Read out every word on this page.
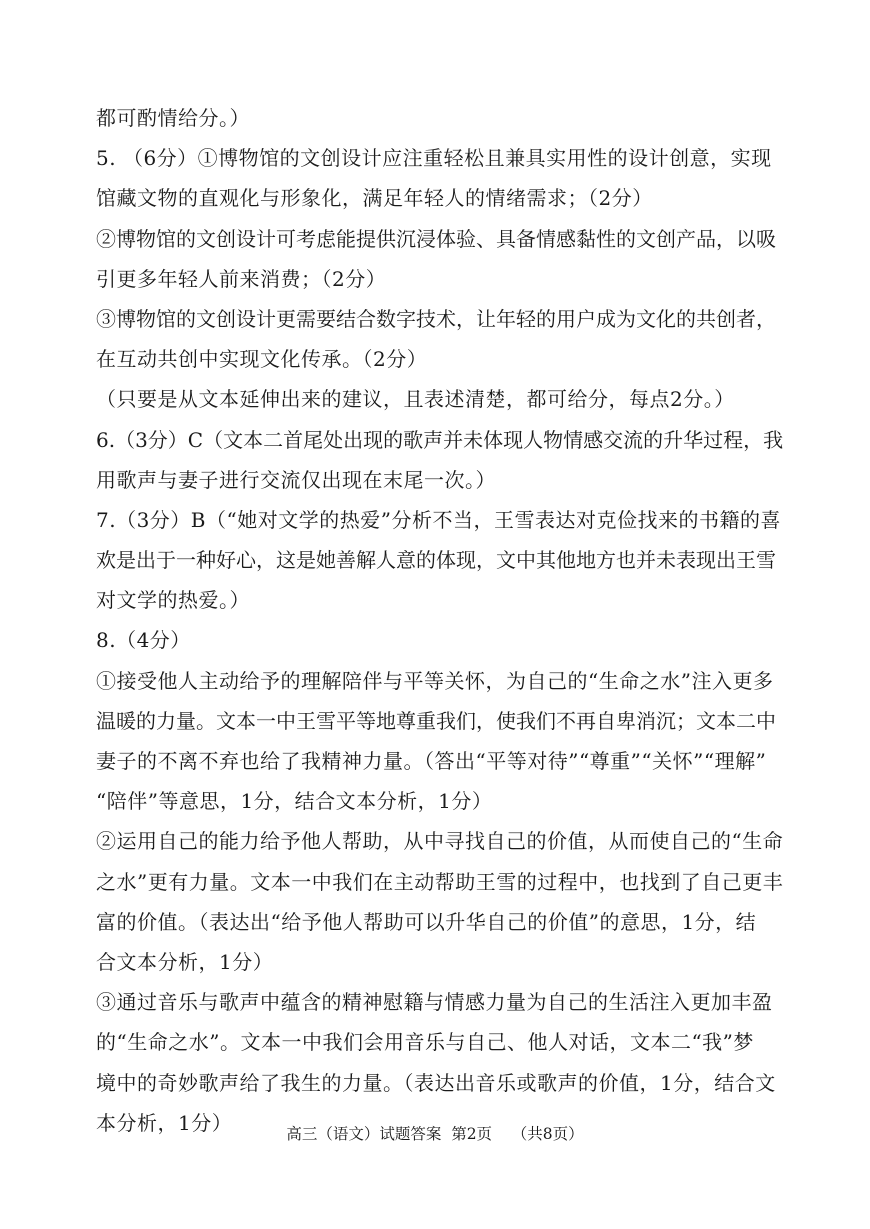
都可酌情给分。）
5. （6分）①博物馆的文创设计应注重轻松且兼具实用性的设计创意，实现
馆藏文物的直观化与形象化，满足年轻人的情绪需求；（2分）
②博物馆的文创设计可考虑能提供沉浸体验、具备情感黏性的文创产品，以吸
引更多年轻人前来消费；（2分）
③博物馆的文创设计更需要结合数字技术，让年轻的用户成为文化的共创者，
在互动共创中实现文化传承。（2分）
（只要是从文本延伸出来的建议，且表述清楚，都可给分，每点2分。）
6.（3分）C（文本二首尾处出现的歌声并未体现人物情感交流的升华过程，我
用歌声与妻子进行交流仅出现在末尾一次。）
7.（3分）B（“她对文学的热爱”分析不当，王雪表达对克俭找来的书籍的喜
欢是出于一种好心，这是她善解人意的体现，文中其他地方也并未表现出王雪
对文学的热爱。）
8.（4分）
①接受他人主动给予的理解陪伴与平等关怀，为自己的“生命之水”注入更多
温暖的力量。文本一中王雪平等地尊重我们，使我们不再自卑消沉；文本二中
妻子的不离不弃也给了我精神力量。（答出“平等对待”“尊重”“关怀”“理解”
“陪伴”等意思，1分，结合文本分析，1分）
②运用自己的能力给予他人帮助，从中寻找自己的价值，从而使自己的“生命
之水”更有力量。文本一中我们在主动帮助王雪的过程中，也找到了自己更丰
富的价值。（表达出“给予他人帮助可以升华自己的价值”的意思，1分，结
合文本分析，1分）
③通过音乐与歌声中蕴含的精神慰籍与情感力量为自己的生活注入更加丰盈
的“生命之水”。文本一中我们会用音乐与自己、他人对话，文本二“我”梦
境中的奇妙歌声给了我生的力量。（表达出音乐或歌声的价值，1分，结合文
本分析，1分）	高三（语文）试题答案  第2页    （共8页）
